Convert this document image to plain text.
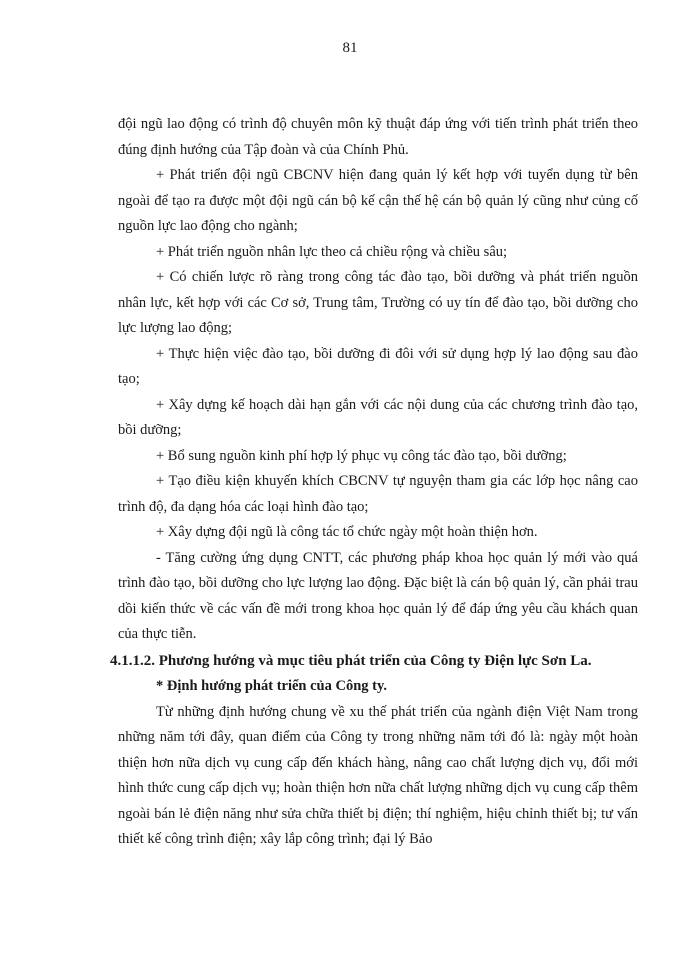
81

đội ngũ lao động có trình độ chuyên môn kỹ thuật đáp ứng với tiến trình phát triển theo đúng định hướng của Tập đoàn và của Chính Phủ.

+ Phát triển đội ngũ CBCNV hiện đang quản lý kết hợp với tuyển dụng từ bên ngoài để tạo ra được một đội ngũ cán bộ kế cận thế hệ cán bộ quản lý cũng như củng cố nguồn lực lao động cho ngành;

+ Phát triển nguồn nhân lực theo cả chiều rộng và chiều sâu;

+ Có chiến lược rõ ràng trong công tác đào tạo, bồi dưỡng và phát triển nguồn nhân lực, kết hợp với các Cơ sở, Trung tâm, Trường có uy tín để đào tạo, bồi dưỡng cho lực lượng lao động;

+ Thực hiện việc đào tạo, bồi dưỡng đi đôi với sử dụng hợp lý lao động sau đào tạo;

+ Xây dựng kế hoạch dài hạn gắn với các nội dung của các chương trình đào tạo, bồi dưỡng;

+ Bổ sung nguồn kinh phí hợp lý phục vụ công tác đào tạo, bồi dưỡng;

+ Tạo điều kiện khuyến khích CBCNV tự nguyện tham gia các lớp học nâng cao trình độ, đa dạng hóa các loại hình đào tạo;

+ Xây dựng đội ngũ là công tác tổ chức ngày một hoàn thiện hơn.

- Tăng cường ứng dụng CNTT, các phương pháp khoa học quản lý mới vào quá trình đào tạo, bồi dưỡng cho lực lượng lao động. Đặc biệt là cán bộ quản lý, cần phải trau dồi kiến thức về các vấn đề mới trong khoa học quản lý để đáp ứng yêu cầu khách quan của thực tiễn.

4.1.1.2. Phương hướng và mục tiêu phát triển của Công ty Điện lực Sơn La.

* Định hướng phát triển của Công ty.

Từ những định hướng chung về xu thế phát triển của ngành điện Việt Nam trong những năm tới đây, quan điểm của Công ty trong những năm tới đó là: ngày một hoàn thiện hơn nữa dịch vụ cung cấp đến khách hàng, nâng cao chất lượng dịch vụ, đổi mới hình thức cung cấp dịch vụ; hoàn thiện hơn nữa chất lượng những dịch vụ cung cấp thêm ngoài bán lẻ điện năng như sửa chữa thiết bị điện; thí nghiệm, hiệu chỉnh thiết bị; tư vấn thiết kế công trình điện; xây lắp công trình; đại lý Bảo
